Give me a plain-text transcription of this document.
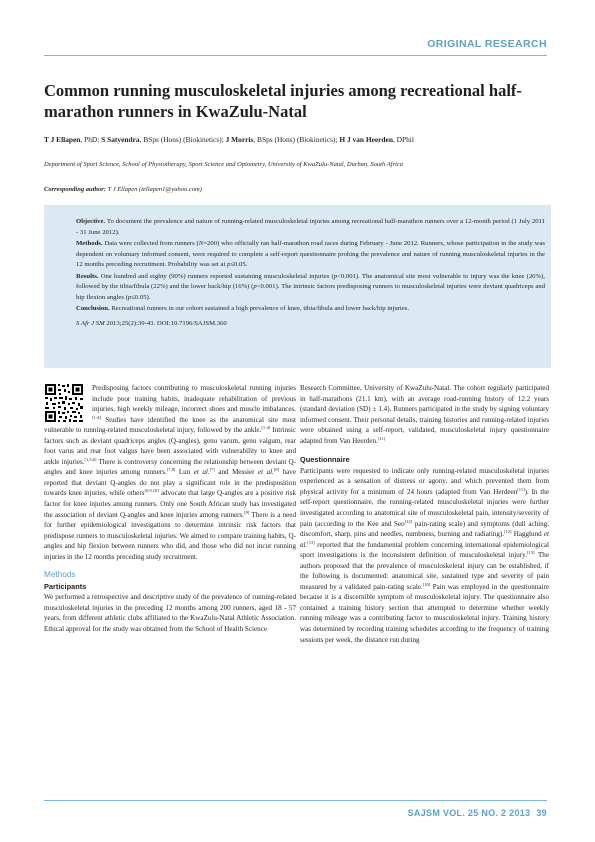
ORIGINAL RESEARCH
Common running musculoskeletal injuries among recreational half-marathon runners in KwaZulu-Natal

T J Ellapen, PhD; S Satyendra, BSps (Hons) (Biokinetics); J Morris, BSps (Hons) (Biokinetics); H J van Heerden, DPhil

Department of Sport Science, School of Physiotherapy, Sport Science and Optometry, University of KwaZulu-Natal, Durban, South Africa

Corresponding author: T J Ellapen (tellapen1@yahoo.com)

Objective. To document the prevalence and nature of running-related musculoskeletal injuries among recreational half-marathon runners over a 12-month period (1 July 2011 - 31 June 2012).

Methods. Data were collected from runners (N=200) who officially ran half-marathon road races during February - June 2012. Runners, whose participation in the study was dependent on voluntary informed consent, were required to complete a self-report questionnaire probing the prevalence and nature of running musculoskeletal injuries in the 12 months preceding recruitment. Probability was set at p≤0.05.

Results. One hundred and eighty (90%) runners reported sustaining musculoskeletal injuries (p<0.001). The anatomical site most vulnerable to injury was the knee (26%), followed by the tibia/fibula (22%) and the lower back/hip (16%) (p<0.001). The intrinsic factors predisposing runners to musculoskeletal injuries were deviant quadriceps and hip flexion angles (p≤0.05).

Conclusion. Recreational runners in our cohort sustained a high prevalence of knee, tibia/fibula and lower back/hip injuries.

S Afr J SM 2013;25(2):39-43. DOI:10.7196/SAJSM.360

Predisposing factors contributing to musculoskeletal running injuries include poor training habits, inadequate rehabilitation of previous injuries, high weekly mileage, incorrect shoes and muscle imbalances.[1-4] Studies have identified the knee as the anatomical site most vulnerable to running-related musculoskeletal injury, followed by the ankle.[1-4] Intrinsic factors such as deviant quadriceps angles (Q-angles), genu varum, genu valgum, rear foot varus and rear foot valgus have been associated with vulnerability to knee and ankle injuries.[1,5,6] There is controversy concerning the relationship between deviant Q-angles and knee injuries among runners.[7,8] Lun et al.[7] and Messier et al.[8] have reported that deviant Q-angles do not play a significant role in the predisposition towards knee injuries, while others[6,9,10] advocate that large Q-angles are a positive risk factor for knee injuries among runners. Only one South African study has investigated the association of deviant Q-angles and knee injuries among runners.[9] There is a need for further epidemiological investigations to determine intrinsic risk factors that predispose runners to musculoskeletal injuries. We aimed to compare training habits, Q-angles and hip flexion between runners who did, and those who did not incur running injuries in the 12 months preceding study recruitment.

Methods
Participants

We performed a retrospective and descriptive study of the prevalence of running-related musculoskeletal injuries in the preceding 12 months among 200 runners, aged 18 - 57 years, from different athletic clubs affiliated to the KwaZulu-Natal Athletic Association. Ethical approval for the study was obtained from the School of Health Science

Research Committee, University of KwaZulu-Natal. The cohort regularly participated in half-marathons (21.1 km), with an average road-running history of 12.2 years (standard deviation (SD) ± 1.4). Runners participated in the study by signing voluntary informed consent. Their personal details, training histories and running-related injuries were obtained using a self-report, validated, musculoskeletal injury questionnaire adapted from Van Heerden.[11]

Questionnaire

Participants were requested to indicate only running-related musculoskeletal injuries experienced as a sensation of distress or agony, and which prevented them from physical activity for a minimum of 24 hours (adapted from Van Herdeen[11]). In the self-report questionnaire, the running-related musculoskeletal injuries were further investigated according to anatomical site of musculoskeletal pain, intensity/severity of pain (according to the Kee and Seo[12] pain-rating scale) and symptoms (dull aching, discomfort, sharp, pins and needles, numbness, burning and radiating).[12] Hagglund et al.[13] reported that the fundamental problem concerning international epidemiological sport investigations is the inconsistent definition of musculoskeletal injury.[13] The authors proposed that the prevalence of musculoskeletal injury can be established, if the following is documented: anatomical site, sustained type and severity of pain measured by a validated pain-rating scale.[10] Pain was employed in the questionnaire because it is a discernible symptom of musculoskeletal injury. The questionnaire also contained a training history section that attempted to determine whether weekly running mileage was a contributing factor to musculoskeletal injury. Training history was determined by recording training schedules according to the frequency of training sessions per week, the distance run during

SAJSM VOL. 25 NO. 2 2013 39
